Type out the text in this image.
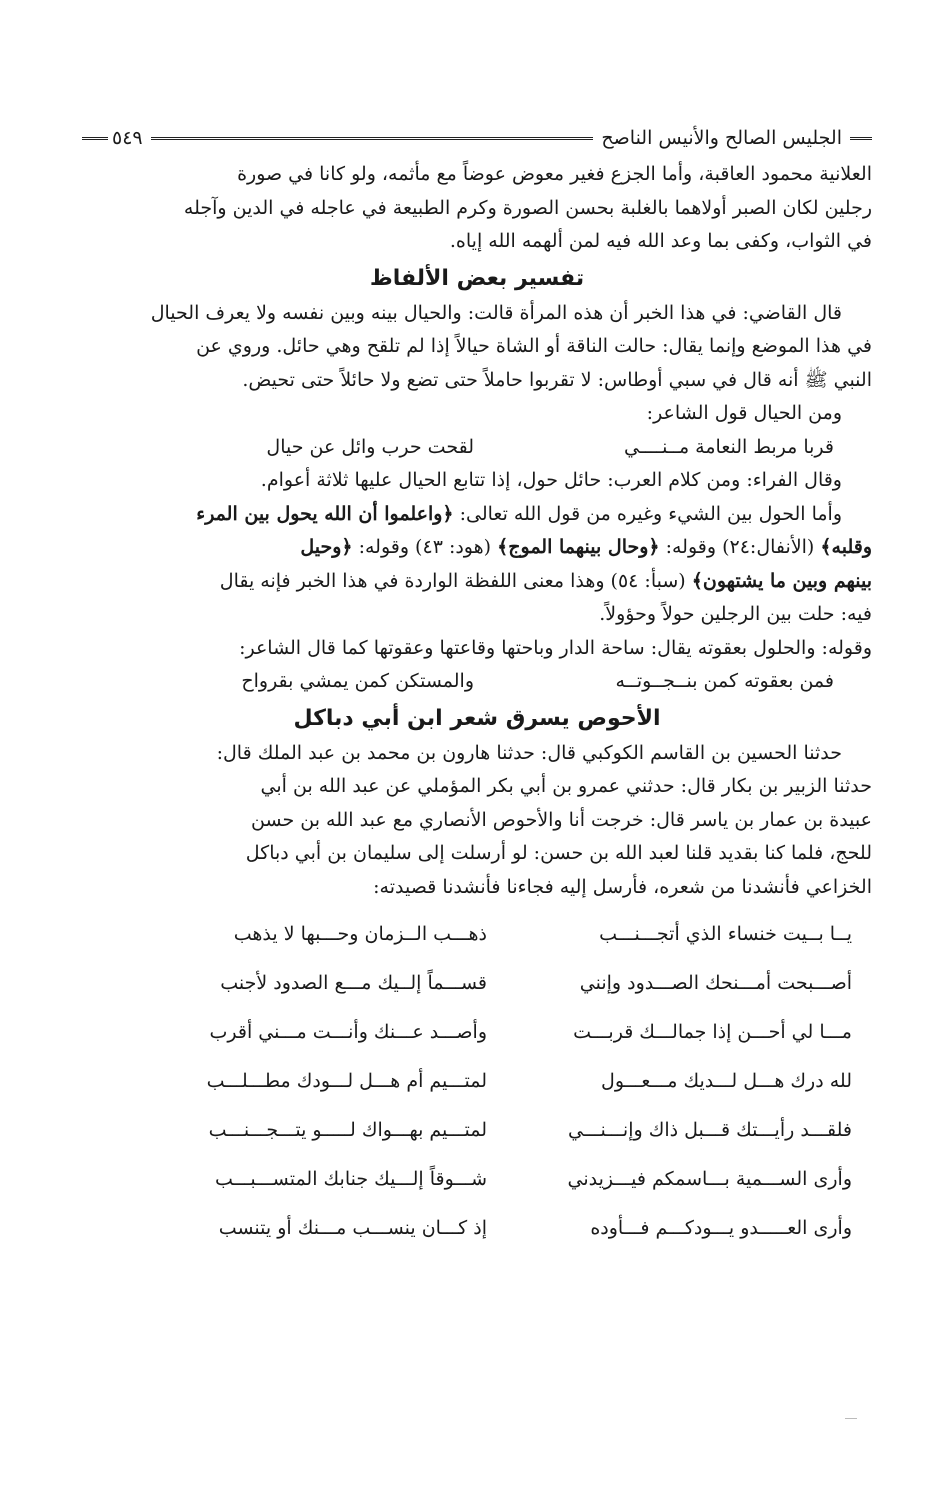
الجليس الصالح والأنيس الناصح
٥٤٩

العلانية محمود العاقبة، وأما الجزع فغير معوض عوضاً مع مأثمه، ولو كانا في صورة

رجلين لكان الصبر أولاهما بالغلبة بحسن الصورة وكرم الطبيعة في عاجله في الدين وآجله

في الثواب، وكفى بما وعد الله فيه لمن ألهمه الله إياه.

تفسير بعض الألفاظ

قال القاضي: في هذا الخبر أن هذه المرأة قالت: والحيال بينه وبين نفسه ولا يعرف الحيال

في هذا الموضع وإنما يقال: حالت الناقة أو الشاة حيالاً إذا لم تلقح وهي حائل. وروي عن

النبي ﷺ أنه قال في سبي أوطاس: لا تقربوا حاملاً حتى تضع ولا حائلاً حتى تحيض.

ومن الحيال قول الشاعر:

قربا مربط النعامة مــنــــي
لقحت حرب وائل عن حيال

وقال الفراء: ومن كلام العرب: حائل حول، إذا تتابع الحيال عليها ثلاثة أعوام.

وأما الحول بين الشيء وغيره من قول الله تعالى: ﴿واعلموا أن الله يحول بين المرء

وقلبه﴾ (الأنفال:٢٤) وقوله: ﴿وحال بينهما الموج﴾ (هود: ٤٣) وقوله: ﴿وحيل

بينهم وبين ما يشتهون﴾ (سبأ: ٥٤) وهذا معنى اللفظة الواردة في هذا الخبر فإنه يقال

فيه: حلت بين الرجلين حولاً وحؤولاً.

وقوله: والحلول بعقوته يقال: ساحة الدار وباحتها وقاعتها وعقوتها كما قال الشاعر:

فمن بعقوته كمن بنــجــوتــه
والمستكن كمن يمشي بقرواح
الأحوص يسرق شعر ابن أبي دباكل

حدثنا الحسين بن القاسم الكوكبي قال: حدثنا هارون بن محمد بن عبد الملك قال:

حدثنا الزبير بن بكار قال: حدثني عمرو بن أبي بكر المؤملي عن عبد الله بن أبي

عبيدة بن عمار بن ياسر قال: خرجت أنا والأحوص الأنصاري مع عبد الله بن حسن

للحج، فلما كنا بقديد قلنا لعبد الله بن حسن: لو أرسلت إلى سليمان بن أبي دباكل

الخزاعي فأنشدنا من شعره، فأرسل إليه فجاءنا فأنشدنا قصيدته:

يــا بــيت خنساء الذي أتجـــنـــب
ذهـــب الــزمان وحـــبها لا يذهب
أصـــبحت أمـــنحك الصـــدود وإنني
قســـماً إلــيك مـــع الصدود لأجنب
مـــا لي أحـــن إذا جمالـــك قربـــت
وأصـــد عـــنك وأنـــت مـــني أقرب
لله درك هـــل لـــديك مـــعـــول
لمتـــيم أم هـــل لـــودك مطـــلـــب
فلقـــد رأيـــتك قـــبل ذاك وإنـــنـــي
لمتـــيم بهـــواك لـــــو يتـــجـــنـــب
وأرى الســـمية بـــاسمكم فيـــزيدني
شـــوقاً إلـــيك جنابك المتســـبـــب
وأرى العـــــدو يـــودكـــم فـــأوده
إذ كـــان ينســـب مـــنك أو يتنسب
